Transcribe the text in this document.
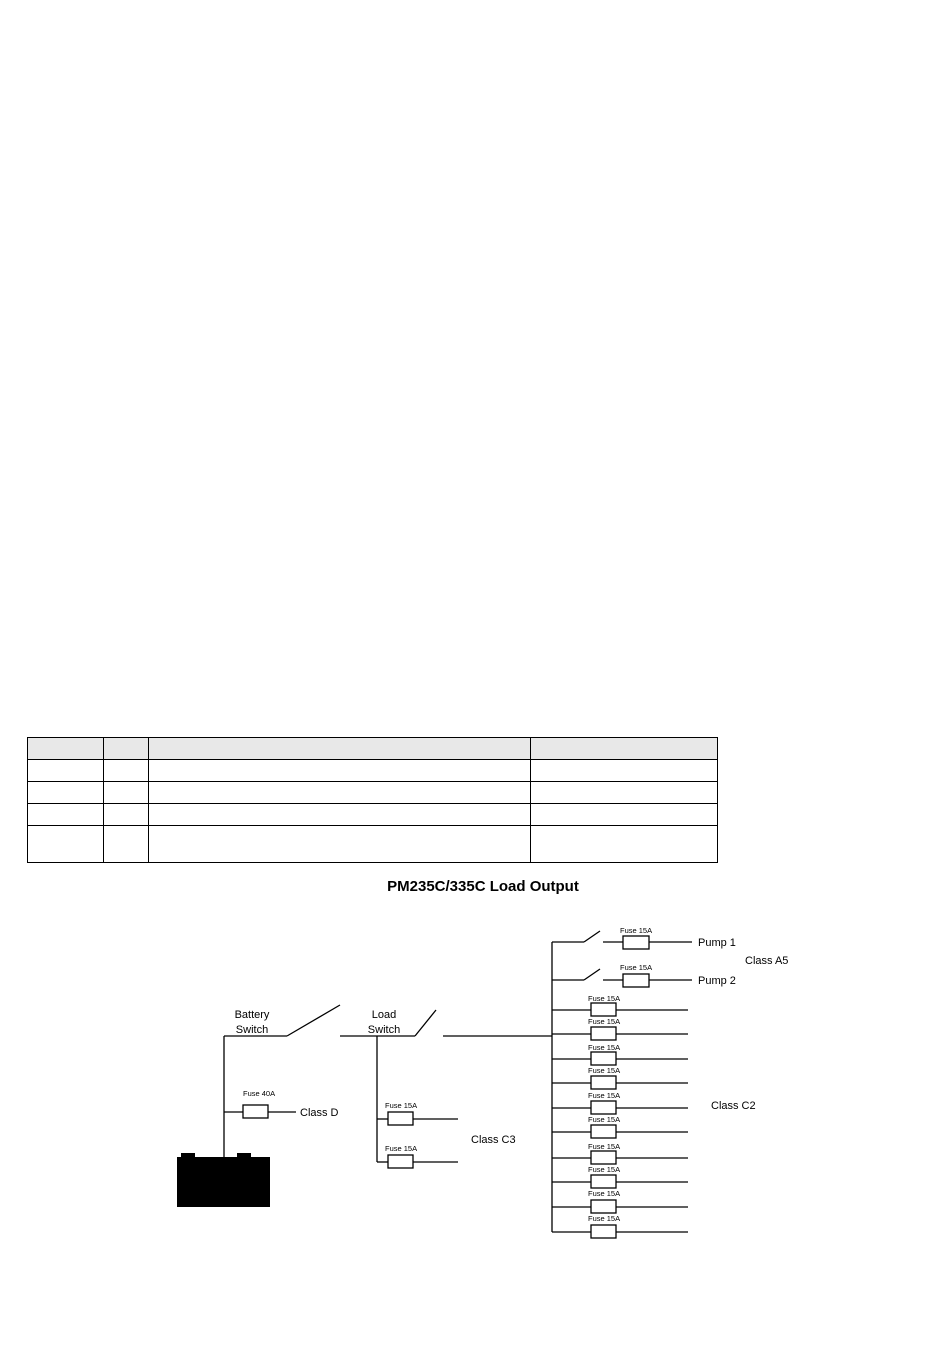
PM235C/335C Load Output
Battery
Switch
Load
Switch
Fuse 40A
Class D
Fuse 15A
Fuse 15A
Class C3
Fuse 15A
Fuse 15A
Pump 1
Pump 2
Class A5
Fuse 15A
Fuse 15A
Fuse 15A
Fuse 15A
Fuse 15A
Fuse 15A
Fuse 15A
Fuse 15A
Fuse 15A
Fuse 15A
Class C2
